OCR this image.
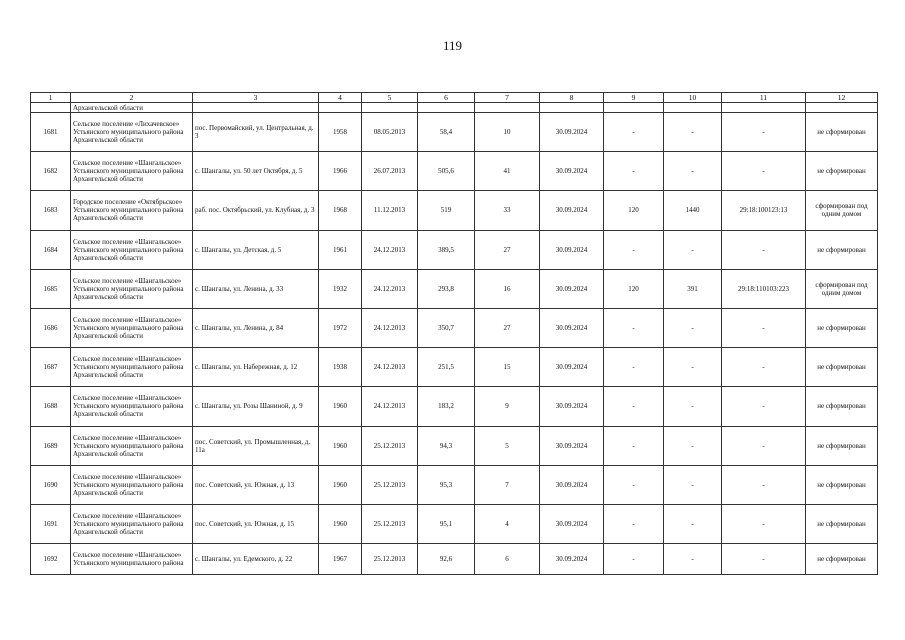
119
1	2	3	4	5	6	7	8	9	10	11	12
	Архангельской области										
1681	Сельское поселение «Лихачевское» Устьянского муниципального района Архангельской области	пос. Первомайский, ул. Центральная, д. 3	1958	08.05.2013	58,4	10	30.09.2024	-	-	-	не сформирован
1682	Сельское поселение «Шангальское» Устьянского муниципального района Архангельской области	с. Шангалы, ул. 50 лет Октября, д. 5	1966	26.07.2013	505,6	41	30.09.2024	-	-	-	не сформирован
1683	Городское поселение «Октябрьское» Устьянского муниципального района Архангельской области	раб. пос. Октябрьский, ул. Клубная, д. 3	1968	11.12.2013	519	33	30.09.2024	120	1440	29:18:100123:13	сформирован под одним домом
1684	Сельское поселение «Шангальское» Устьянского муниципального района Архангельской области	с. Шангалы, ул. Детская, д. 5	1961	24.12.2013	389,5	27	30.09.2024	-	-	-	не сформирован
1685	Сельское поселение «Шангальское» Устьянского муниципального района Архангельской области	с. Шангалы, ул. Ленина, д. 33	1932	24.12.2013	293,8	16	30.09.2024	120	391	29:18:110103:223	сформирован под одним домом
1686	Сельское поселение «Шангальское» Устьянского муниципального района Архангельской области	с. Шангалы, ул. Ленина, д. 84	1972	24.12.2013	350,7	27	30.09.2024	-	-	-	не сформирован
1687	Сельское поселение «Шангальское» Устьянского муниципального района Архангельской области	с. Шангалы, ул. Набережная, д. 12	1938	24.12.2013	251,5	15	30.09.2024	-	-	-	не сформирован
1688	Сельское поселение «Шангальское» Устьянского муниципального района Архангельской области	с. Шангалы, ул. Розы Шаниной, д. 9	1960	24.12.2013	183,2	9	30.09.2024	-	-	-	не сформирован
1689	Сельское поселение «Шангальское» Устьянского муниципального района Архангельской области	пос. Советский, ул. Промышленная, д. 11а	1960	25.12.2013	94,3	5	30.09.2024	-	-	-	не сформирован
1690	Сельское поселение «Шангальское» Устьянского муниципального района Архангельской области	пос. Советский, ул. Южная, д. 13	1960	25.12.2013	95,3	7	30.09.2024	-	-	-	не сформирован
1691	Сельское поселение «Шангальское» Устьянского муниципального района Архангельской области	пос. Советский, ул. Южная, д. 15	1960	25.12.2013	95,1	4	30.09.2024	-	-	-	не сформирован
1692	Сельское поселение «Шангальское» Устьянского муниципального района	с. Шангалы, ул. Едемского, д. 22	1967	25.12.2013	92,6	6	30.09.2024	-	-	-	не сформирован
